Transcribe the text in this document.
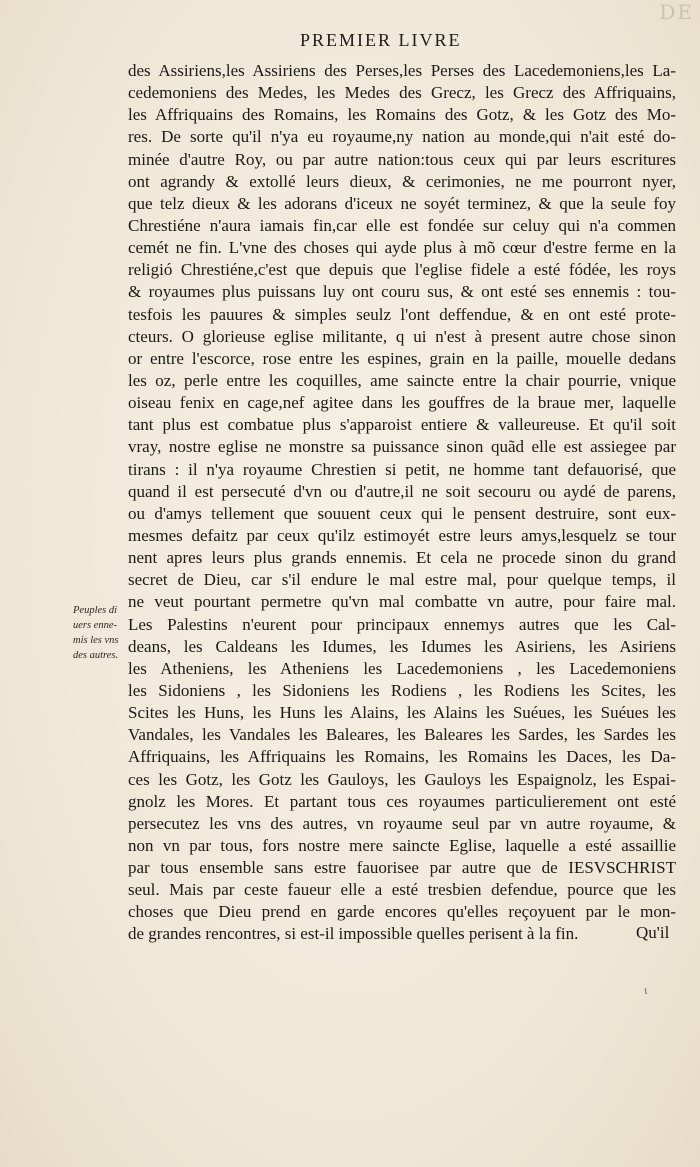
DE
PREMIER LIVRE
des Assiriens,les Assiriens des Perses,les Perses des Lacedemoniens,les La-
cedemoniens des Medes, les Medes des Grecz, les Grecz des Affriquains,
les Affriquains des Romains, les Romains des Gotz, & les Gotz des Mo-
res. De sorte qu'il n'ya eu royaume,ny nation au monde,qui n'ait esté do-
minée d'autre Roy, ou par autre nation:tous ceux qui par leurs escritures
ont agrandy & extollé leurs dieux, & cerimonies, ne me pourront nyer,
que telz dieux & les adorans d'iceux ne soyét terminez, & que la seule foy
Chrestiéne n'aura iamais fin,car elle est fondée sur celuy qui n'a commen
cemét ne fin. L'vne des choses qui ayde plus à mõ cœur d'estre ferme en la
religió Chrestiéne,c'est que depuis que l'eglise fidele a esté fódée, les roys
& royaumes plus puissans luy ont couru sus, & ont esté ses ennemis : tou-
tesfois les pauures & simples seulz l'ont deffendue, & en ont esté prote-
cteurs. O glorieuse eglise militante, q ui n'est à present autre chose sinon
or entre l'escorce, rose entre les espines, grain en la paille, mouelle dedans
les oz, perle entre les coquilles, ame saincte entre la chair pourrie, vnique
oiseau fenix en cage,nef agitee dans les gouffres de la braue mer, laquelle
tant plus est combatue plus s'apparoist entiere & valleureuse. Et qu'il soit
vray, nostre eglise ne monstre sa puissance sinon quãd elle est assiegee par
tirans : il n'ya royaume Chrestien si petit, ne homme tant defauorisé, que
quand il est persecuté d'vn ou d'autre,il ne soit secouru ou aydé de parens,
ou d'amys tellement que souuent ceux qui le pensent destruire, sont eux-
mesmes defaitz par ceux qu'ilz estimoyét estre leurs amys,lesquelz se tour
nent apres leurs plus grands ennemis. Et cela ne procede sinon du grand
secret de Dieu, car s'il endure le mal estre mal, pour quelque temps, il
ne veut pourtant permetre qu'vn mal combatte vn autre, pour faire mal.
Les Palestins n'eurent pour principaux ennemys autres que les Cal-
deans, les Caldeans les Idumes, les Idumes les Asiriens, les Asiriens
les Atheniens, les Atheniens les Lacedemoniens , les Lacedemoniens
les Sidoniens , les Sidoniens les Rodiens , les Rodiens les Scites, les
Scites les Huns, les Huns les Alains, les Alains les Suéues, les Suéues les
Vandales, les Vandales les Baleares, les Baleares les Sardes, les Sardes les
Affriquains, les Affriquains les Romains, les Romains les Daces, les Da-
ces les Gotz, les Gotz les Gauloys, les Gauloys les Espaignolz, les Espai-
gnolz les Mores. Et partant tous ces royaumes particulierement ont esté
persecutez les vns des autres, vn royaume seul par vn autre royaume, &
non vn par tous, fors nostre mere saincte Eglise, laquelle a esté assaillie
par tous ensemble sans estre fauorisee par autre que de IESVSCHRIST
seul. Mais par ceste faueur elle a esté tresbien defendue, pource que les
choses que Dieu prend en garde encores qu'elles reçoyuent par le mon-
de grandes rencontres, si est-il impossible quelles perisent à la fin.
Peuples di
uers enne-
mis les vns
des autres.
Qu'il
ι
